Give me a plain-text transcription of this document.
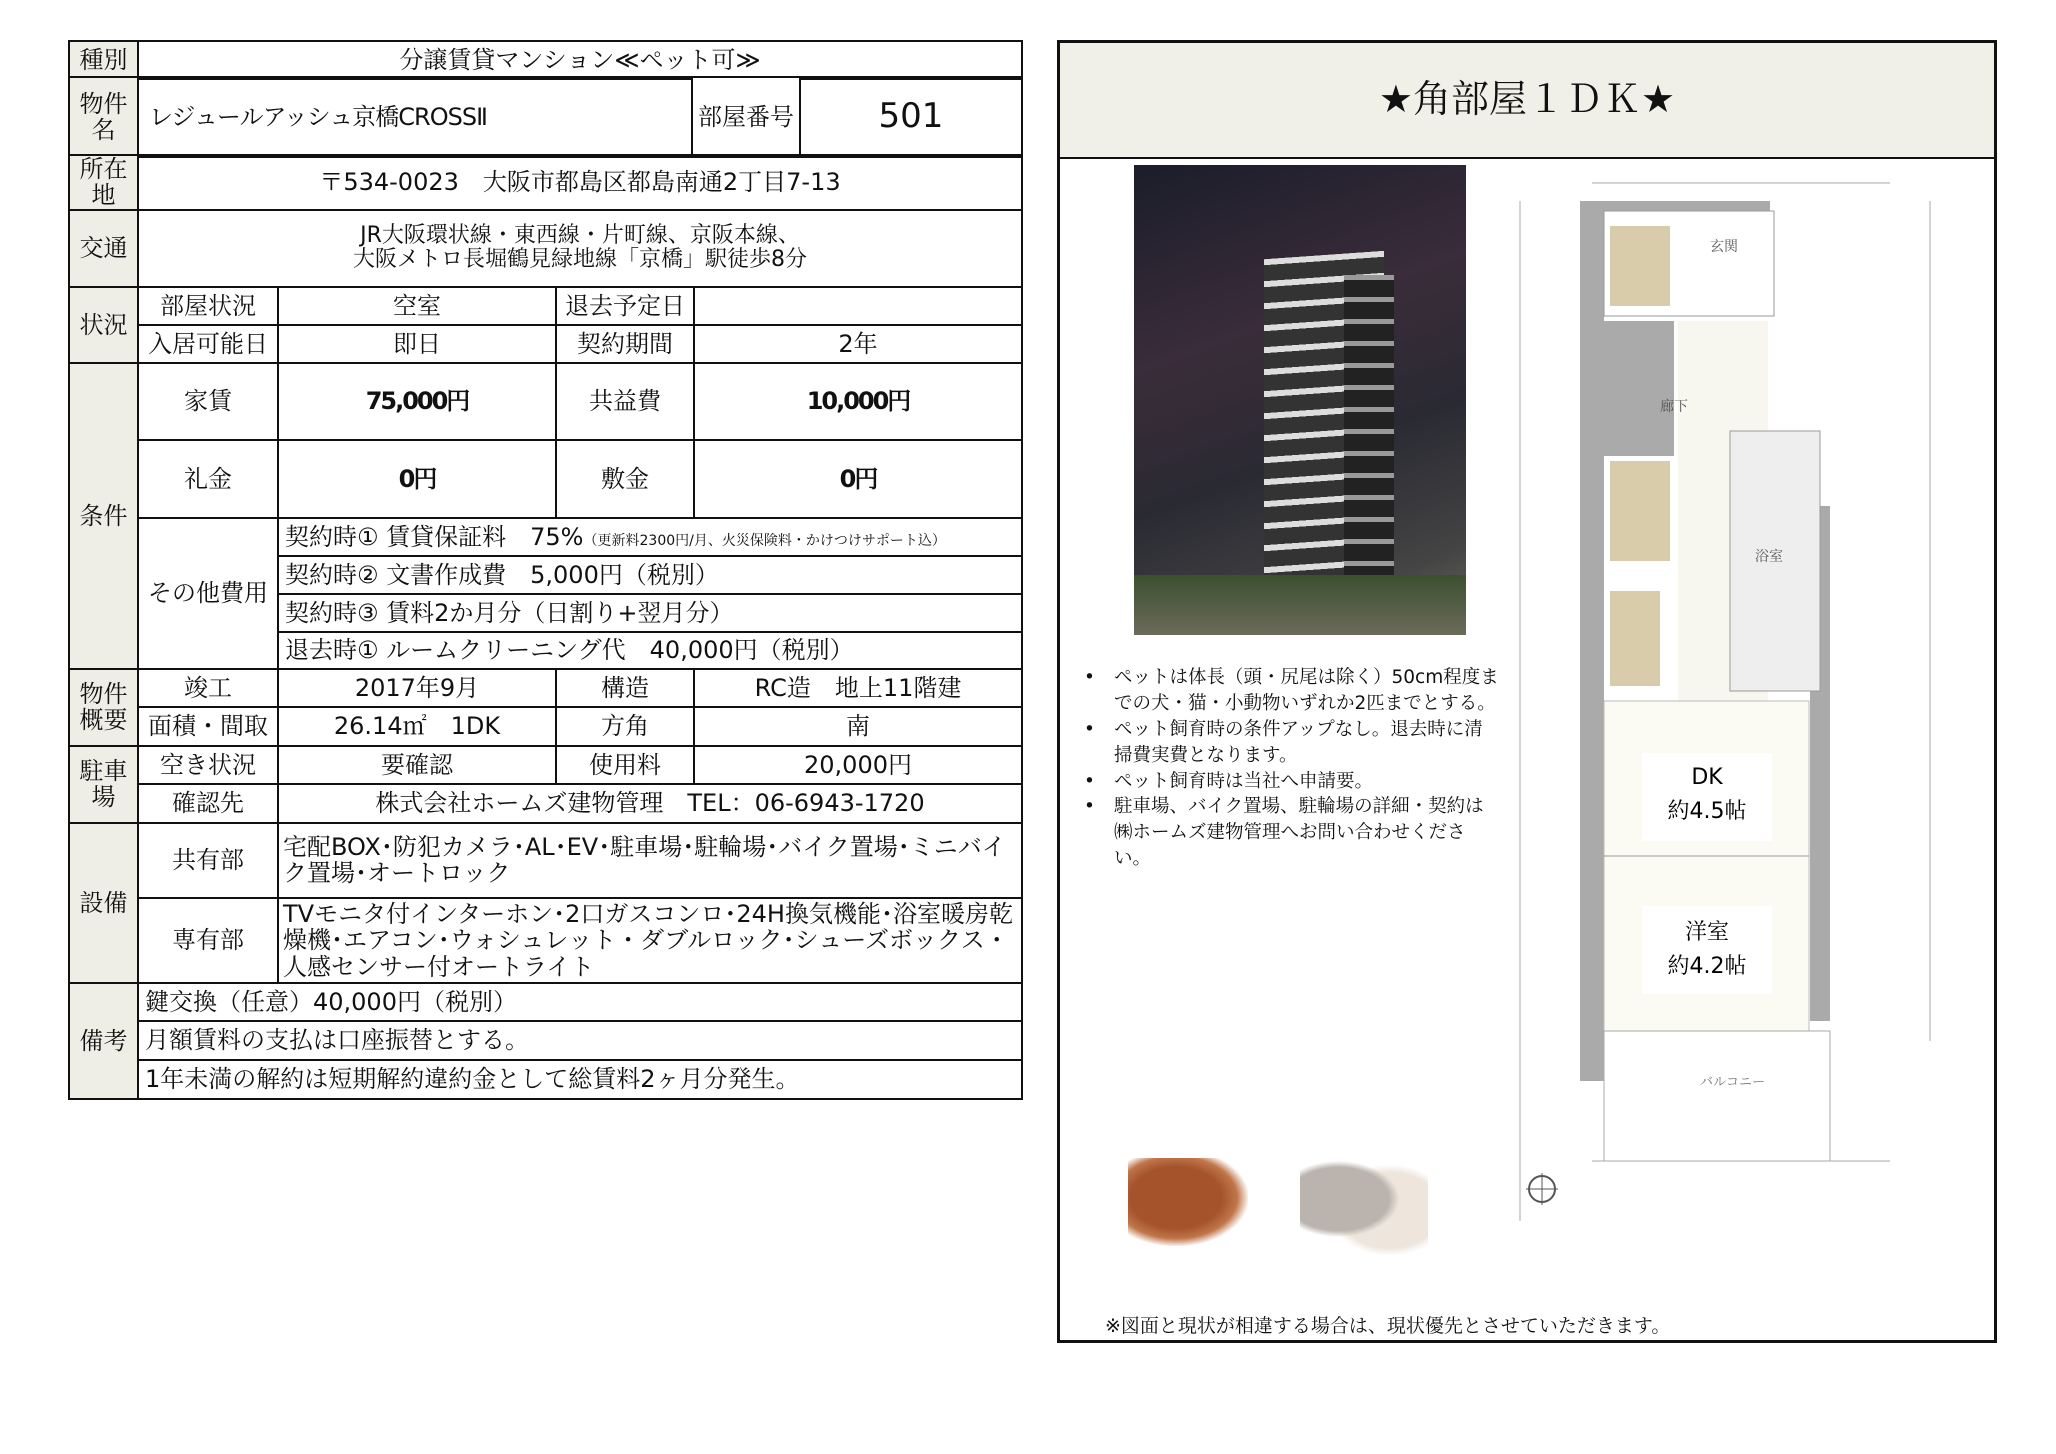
種別	分譲賃貸マンション≪ペット可≫
物件名	レジュールアッシュ京橋CROSSⅡ	部屋番号	501
所在地	〒534-0023　大阪市都島区都島南通2丁目7-13			
交通	JR大阪環状線・東西線・片町線、京阪本線、
大阪メトロ長堀鶴見緑地線「京橋」駅徒歩8分			

状況	部屋状況	空室	退去予定日	
	入居可能日	即日	契約期間	2年
条件	家賃	75,000円	共益費	10,000円
	礼金	0円	敷金	0円
	その他費用	契約時① 賃貸保証料　75%（更新料2300円/月、火災保険料・かけつけサポート込）		
		契約時② 文書作成費　5,000円（税別）		
		契約時③ 賃料2か月分（日割り+翌月分）		
		退去時① ルームクリーニング代　40,000円（税別）		
物件概要	竣工	2017年9月	構造	RC造　地上11階建
	面積・間取	26.14㎡　1DK	方角	南
駐車場	空き状況	要確認	使用料	20,000円
	確認先	株式会社ホームズ建物管理　TEL：06-6943-1720		
設備	共有部	宅配BOX･防犯カメラ･AL･EV･駐車場･駐輪場･バイク置場･ミニバイク置場･オートロック		
	専有部	TVモニタ付インターホン･2口ガスコンロ･24H換気機能･浴室暖房乾燥機･エアコン･ウォシュレット・ダブルロック･シューズボックス・人感センサー付オートライト		
備考	鍵交換（任意）40,000円（税別）			
	月額賃料の支払は口座振替とする。			
	1年未満の解約は短期解約違約金として総賃料2ヶ月分発生。			
★角部屋１ＤＫ★
• ペットは体長（頭・尻尾は除く）50cm程度までの犬・猫・小動物いずれか2匹までとする。
• ペット飼育時の条件アップなし。退去時に清掃費実費となります。
• ペット飼育時は当社へ申請要。
• 駐車場、バイク置場、駐輪場の詳細・契約は㈱ホームズ建物管理へお問い合わせください。
玄関
廊下
浴室
バルコニー
DK
約4.5帖
洋室
約4.2帖
※図面と現状が相違する場合は、現状優先とさせていただきます。
